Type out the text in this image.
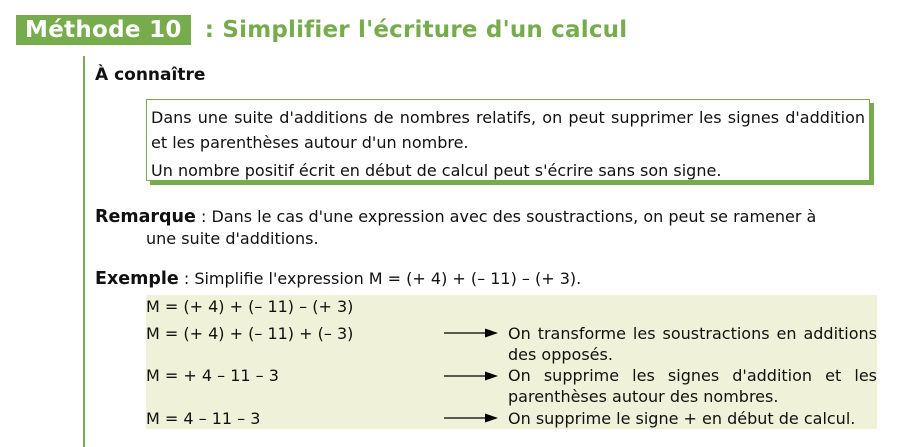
Méthode 10	: Simplifier l'écriture d'un calcul
À connaître

Dans une suite d'additions de nombres relatifs, on peut supprimer les signes d'addition et les parenthèses autour d'un nombre.

Un nombre positif écrit en début de calcul peut s'écrire sans son signe.

Remarque : Dans le cas d'une expression avec des soustractions, on peut se ramener à
une suite d'additions.
Exemple : Simplifie l'expression M = (+ 4) + (– 11) – (+ 3).
M = (+ 4) + (– 11) – (+ 3)
M = (+ 4) + (– 11) + (– 3)	On transforme les soustractions en additions des opposés.
M = + 4 – 11 – 3	On supprime les signes d'addition et les parenthèses autour des nombres.
M = 4 – 11 – 3	On supprime le signe + en début de calcul.
